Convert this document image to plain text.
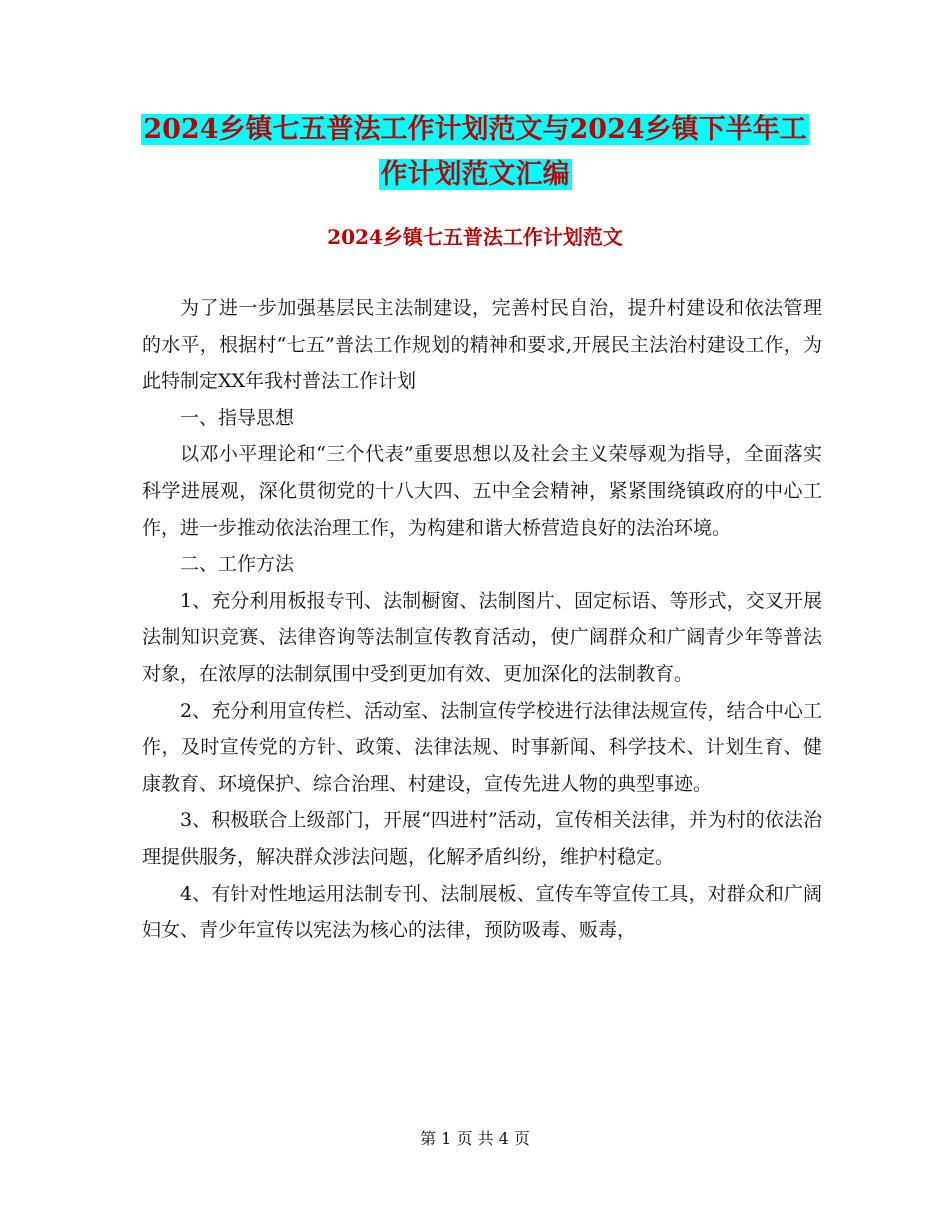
2024乡镇七五普法工作计划范文与2024乡镇下半年工
作计划范文汇编
2024乡镇七五普法工作计划范文

为了进一步加强基层民主法制建设，完善村民自治，提升村建设和依法管理的水平，根据村“七五”普法工作规划的精神和要求,开展民主法治村建设工作，为此特制定XX年我村普法工作计划

一、指导思想

以邓小平理论和“三个代表”重要思想以及社会主义荣辱观为指导，全面落实科学进展观，深化贯彻党的十八大四、五中全会精神，紧紧围绕镇政府的中心工作，进一步推动依法治理工作，为构建和谐大桥营造良好的法治环境。

二、工作方法

1、充分利用板报专刊、法制橱窗、法制图片、固定标语、等形式，交叉开展法制知识竞赛、法律咨询等法制宣传教育活动，使广阔群众和广阔青少年等普法对象，在浓厚的法制氛围中受到更加有效、更加深化的法制教育。

2、充分利用宣传栏、活动室、法制宣传学校进行法律法规宣传，结合中心工作，及时宣传党的方针、政策、法律法规、时事新闻、科学技术、计划生育、健康教育、环境保护、综合治理、村建设，宣传先进人物的典型事迹。

3、积极联合上级部门，开展“四进村”活动，宣传相关法律，并为村的依法治理提供服务，解决群众涉法问题，化解矛盾纠纷，维护村稳定。

4、有针对性地运用法制专刊、法制展板、宣传车等宣传工具，对群众和广阔妇女、青少年宣传以宪法为核心的法律，预防吸毒、贩毒，

第 1 页 共 4 页
